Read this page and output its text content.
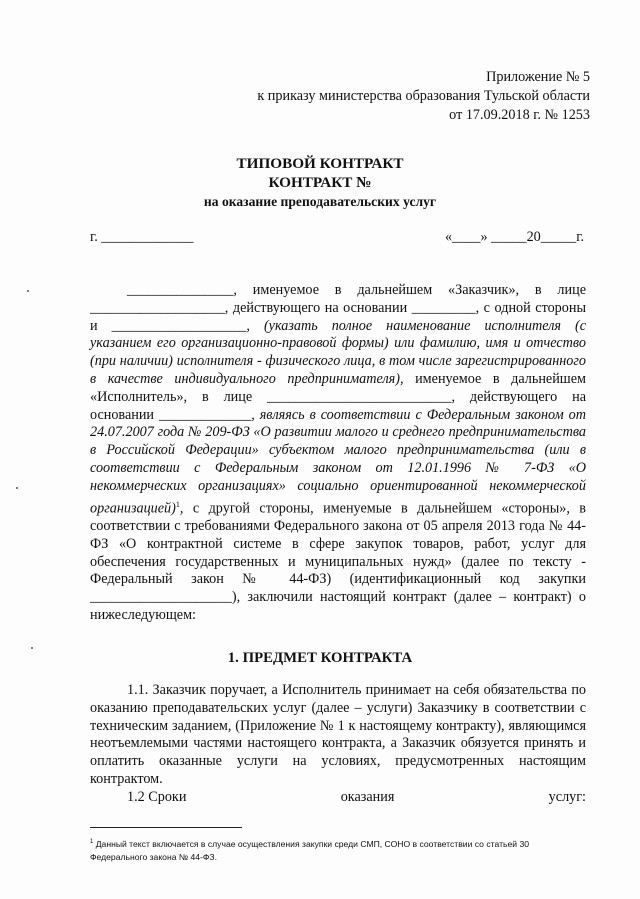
Приложение № 5
к приказу министерства образования Тульской области
от 17.09.2018 г. № 1253
ТИПОВОЙ КОНТРАКТ
КОНТРАКТ №
на оказание преподавательских услуг
г. _____________	«____» _____20_____г.

_______________, именуемое в дальнейшем «Заказчик», в лице ___________________, действующего на основании _________, с одной стороны и ___________________, (указать полное наименование исполнителя (с указанием его организационно-правовой формы) или фамилию, имя и отчество (при наличии) исполнителя - физического лица, в том числе зарегистрированного в качестве индивидуального предпринимателя), именуемое в дальнейшем «Исполнитель», в лице __________________________, действующего на основании _____________, являясь в соответствии с Федеральным законом от 24.07.2007 года № 209-ФЗ «О развитии малого и среднего предпринимательства в Российской Федерации» субъектом малого предпринимательства (или в соответствии с Федеральным законом от 12.01.1996 № 7-ФЗ «О некоммерческих организациях» социально ориентированной некоммерческой организацией)$^1$, с другой стороны, именуемые в дальнейшем «стороны», в соответствии с требованиями Федерального закона от 05 апреля 2013 года № 44-ФЗ «О контрактной системе в сфере закупок товаров, работ, услуг для обеспечения государственных и муниципальных нужд» (далее по тексту - Федеральный закон № 44-ФЗ) (идентификационный код закупки ____________________), заключили настоящий контракт (далее – контракт) о нижеследующем:

1. ПРЕДМЕТ КОНТРАКТА

1.1. Заказчик поручает, а Исполнитель принимает на себя обязательства по оказанию преподавательских услуг (далее – услуги) Заказчику в соответствии с техническим заданием, (Приложение № 1 к настоящему контракту), являющимся неотъемлемыми частями настоящего контракта, а Заказчик обязуется принять и оплатить оказанные услуги на условиях, предусмотренных настоящим контрактом.

1.2 Сроки	оказания	услуг:
$^1$ Данный текст включается в случае осуществления закупки среди СМП, СОНО в соответствии со статьей 30 Федерального закона № 44-ФЗ.
